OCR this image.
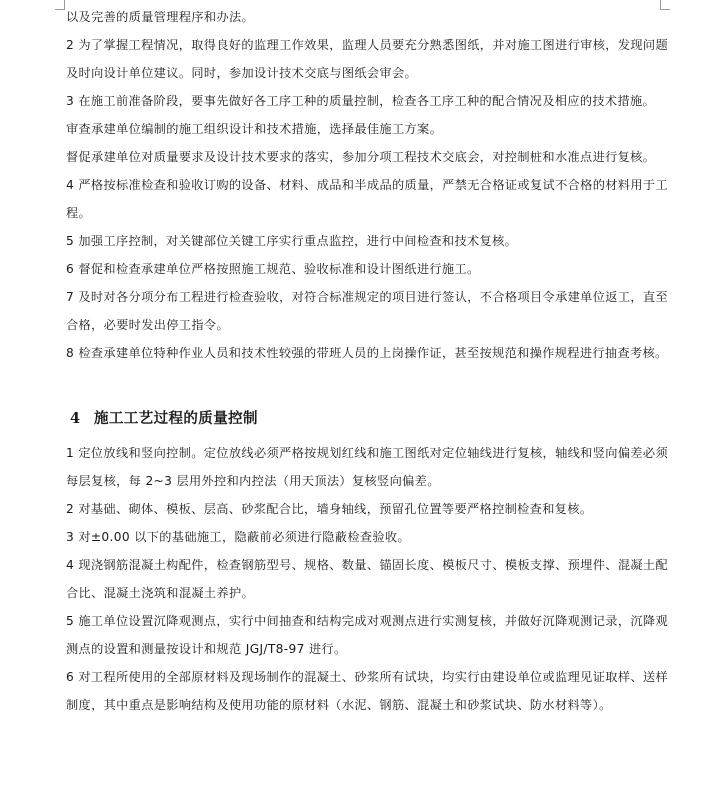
以及完善的质量管理程序和办法。

2 为了掌握工程情况，取得良好的监理工作效果，监理人员要充分熟悉图纸，并对施工图进行审核，发现问题及时向设计单位建议。同时，参加设计技术交底与图纸会审会。

3 在施工前准备阶段，要事先做好各工序工种的质量控制，检查各工序工种的配合情况及相应的技术措施。

审查承建单位编制的施工组织设计和技术措施，选择最佳施工方案。

督促承建单位对质量要求及设计技术要求的落实，参加分项工程技术交底会，对控制桩和水准点进行复核。

4 严格按标准检查和验收订购的设备、材料、成品和半成品的质量，严禁无合格证或复试不合格的材料用于工程。

5 加强工序控制，对关键部位关键工序实行重点监控，进行中间检查和技术复核。

6 督促和检查承建单位严格按照施工规范、验收标准和设计图纸进行施工。

7 及时对各分项分布工程进行检查验收，对符合标准规定的项目进行签认，不合格项目令承建单位返工，直至合格，必要时发出停工指令。

8 检查承建单位特种作业人员和技术性较强的带班人员的上岗操作证，甚至按规范和操作规程进行抽查考核。

4 施工工艺过程的质量控制

1 定位放线和竖向控制。定位放线必须严格按规划红线和施工图纸对定位轴线进行复核，轴线和竖向偏差必须每层复核，每 2~3 层用外控和内控法（用天顶法）复核竖向偏差。

2 对基础、砌体、模板、层高、砂浆配合比，墙身轴线，预留孔位置等要严格控制检查和复核。

3 对±0.00 以下的基础施工，隐蔽前必须进行隐蔽检查验收。

4 现浇钢筋混凝土构配件，检查钢筋型号、规格、数量、锚固长度、模板尺寸、模板支撑、预埋件、混凝土配合比、混凝土浇筑和混凝土养护。

5 施工单位设置沉降观测点，实行中间抽查和结构完成对观测点进行实测复核，并做好沉降观测记录，沉降观测点的设置和测量按设计和规范 JGJ/T8-97 进行。

6 对工程所使用的全部原材料及现场制作的混凝土、砂浆所有试块，均实行由建设单位或监理见证取样、送样制度，其中重点是影响结构及使用功能的原材料（水泥、钢筋、混凝土和砂浆试块、防水材料等）。
